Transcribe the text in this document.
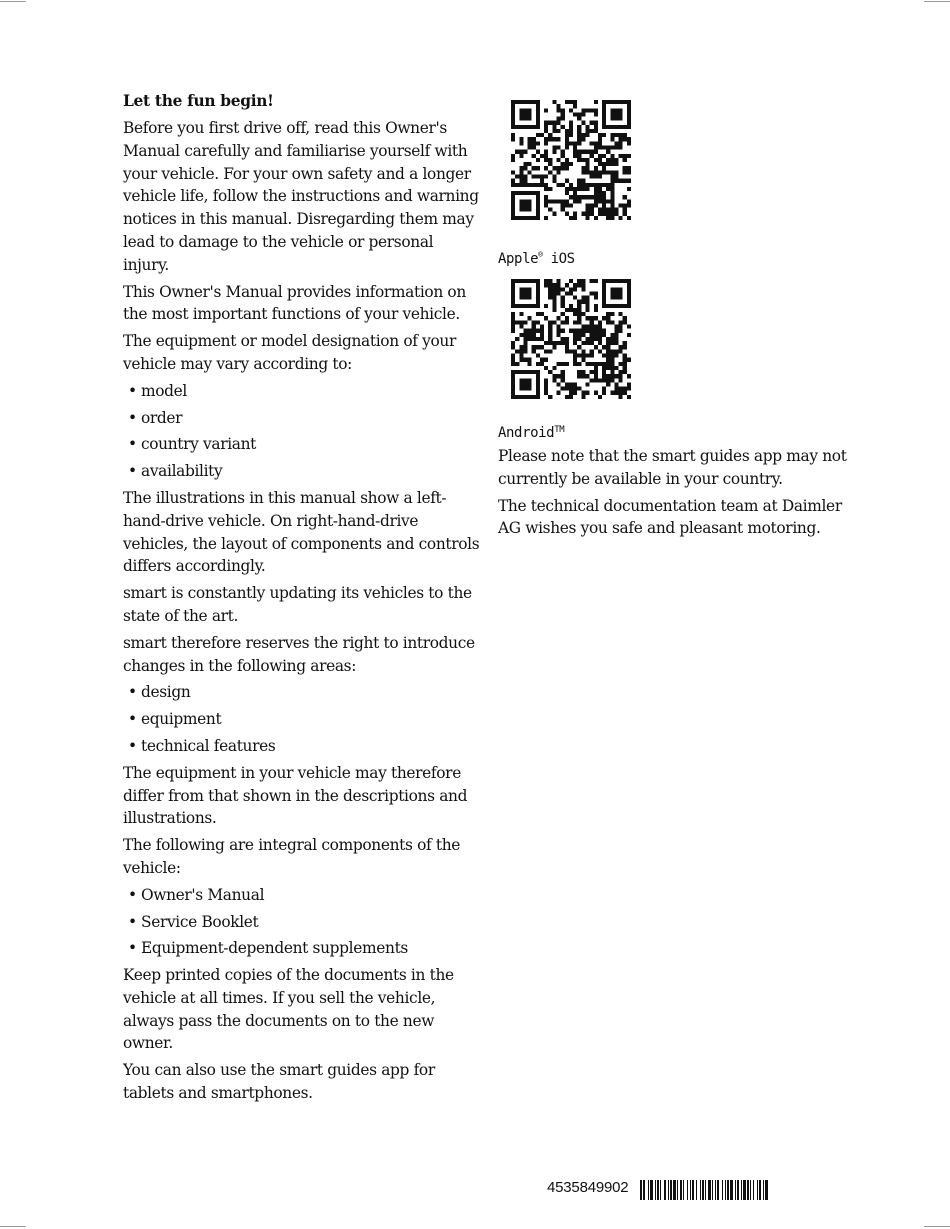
Let the fun begin!

Before you first drive off, read this Owner's Manual carefully and familiarise yourself with your vehicle. For your own safety and a longer vehicle life, follow the instructions and warning notices in this manual. Disregarding them may lead to damage to the vehicle or personal injury.

This Owner's Manual provides information on the most important functions of your vehicle.

The equipment or model designation of your vehicle may vary according to:

• model
• order
• country variant
• availability

The illustrations in this manual show a left-hand-drive vehicle. On right-hand-drive vehicles, the layout of components and controls differs accordingly.

smart is constantly updating its vehicles to the state of the art.

smart therefore reserves the right to introduce changes in the following areas:

• design
• equipment
• technical features

The equipment in your vehicle may therefore differ from that shown in the descriptions and illustrations.

The following are integral components of the vehicle:

• Owner's Manual
• Service Booklet
• Equipment-dependent supplements

Keep printed copies of the documents in the vehicle at all times. If you sell the vehicle, always pass the documents on to the new owner.

You can also use the smart guides app for tablets and smartphones.

Apple® iOS
Android™

Please note that the smart guides app may not currently be available in your country.

The technical documentation team at Daimler AG wishes you safe and pleasant motoring.

4535849902
